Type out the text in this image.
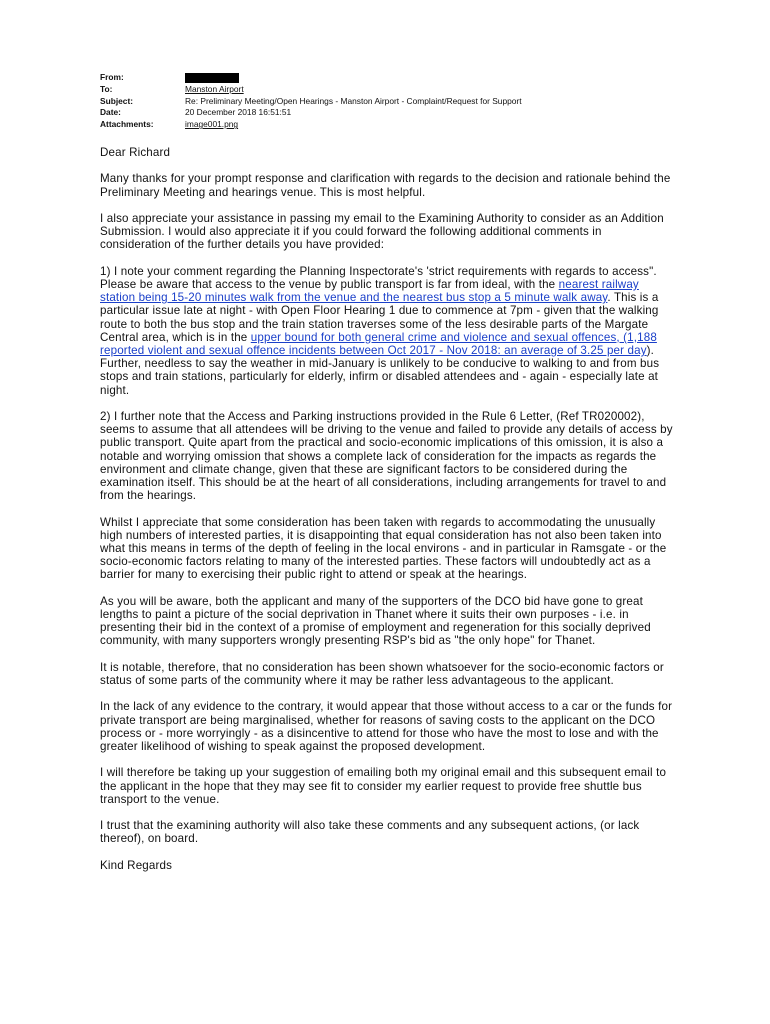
From:
To:	Manston Airport
Subject:	Re: Preliminary Meeting/Open Hearings - Manston Airport - Complaint/Request for Support
Date:	20 December 2018 16:51:51
Attachments:	image001.png

Dear Richard

Many thanks for your prompt response and clarification with regards to the decision and rationale behind the Preliminary Meeting and hearings venue. This is most helpful.

I also appreciate your assistance in passing my email to the Examining Authority to consider as an Addition Submission. I would also appreciate it if you could forward the following additional comments in consideration of the further details you have provided:

1) I note your comment regarding the Planning Inspectorate's 'strict requirements with regards to access". Please be aware that access to the venue by public transport is far from ideal, with the nearest railway station being 15-20 minutes walk from the venue and the nearest bus stop a 5 minute walk away. This is a particular issue late at night - with Open Floor Hearing 1 due to commence at 7pm - given that the walking route to both the bus stop and the train station traverses some of the less desirable parts of the Margate Central area, which is in the upper bound for both general crime and violence and sexual offences, (1,188 reported violent and sexual offence incidents between Oct 2017 - Nov 2018: an average of 3.25 per day). Further, needless to say the weather in mid-January is unlikely to be conducive to walking to and from bus stops and train stations, particularly for elderly, infirm or disabled attendees and - again - especially late at night.

2) I further note that the Access and Parking instructions provided in the Rule 6 Letter, (Ref TR020002), seems to assume that all attendees will be driving to the venue and failed to provide any details of access by public transport. Quite apart from the practical and socio-economic implications of this omission, it is also a notable and worrying omission that shows a complete lack of consideration for the impacts as regards the environment and climate change, given that these are significant factors to be considered during the examination itself. This should be at the heart of all considerations, including arrangements for travel to and from the hearings.

Whilst I appreciate that some consideration has been taken with regards to accommodating the unusually high numbers of interested parties, it is disappointing that equal consideration has not also been taken into what this means in terms of the depth of feeling in the local environs - and in particular in Ramsgate - or the socio-economic factors relating to many of the interested parties. These factors will undoubtedly act as a barrier for many to exercising their public right to attend or speak at the hearings.

As you will be aware, both the applicant and many of the supporters of the DCO bid have gone to great lengths to paint a picture of the social deprivation in Thanet where it suits their own purposes - i.e. in presenting their bid in the context of a promise of employment and regeneration for this socially deprived community, with many supporters wrongly presenting RSP's bid as "the only hope" for Thanet.

It is notable, therefore, that no consideration has been shown whatsoever for the socio-economic factors or status of some parts of the community where it may be rather less advantageous to the applicant.

In the lack of any evidence to the contrary, it would appear that those without access to a car or the funds for private transport are being marginalised, whether for reasons of saving costs to the applicant on the DCO process or - more worryingly - as a disincentive to attend for those who have the most to lose and with the greater likelihood of wishing to speak against the proposed development.

I will therefore be taking up your suggestion of emailing both my original email and this subsequent email to the applicant in the hope that they may see fit to consider my earlier request to provide free shuttle bus transport to the venue.

I trust that the examining authority will also take these comments and any subsequent actions, (or lack thereof), on board.

Kind Regards
